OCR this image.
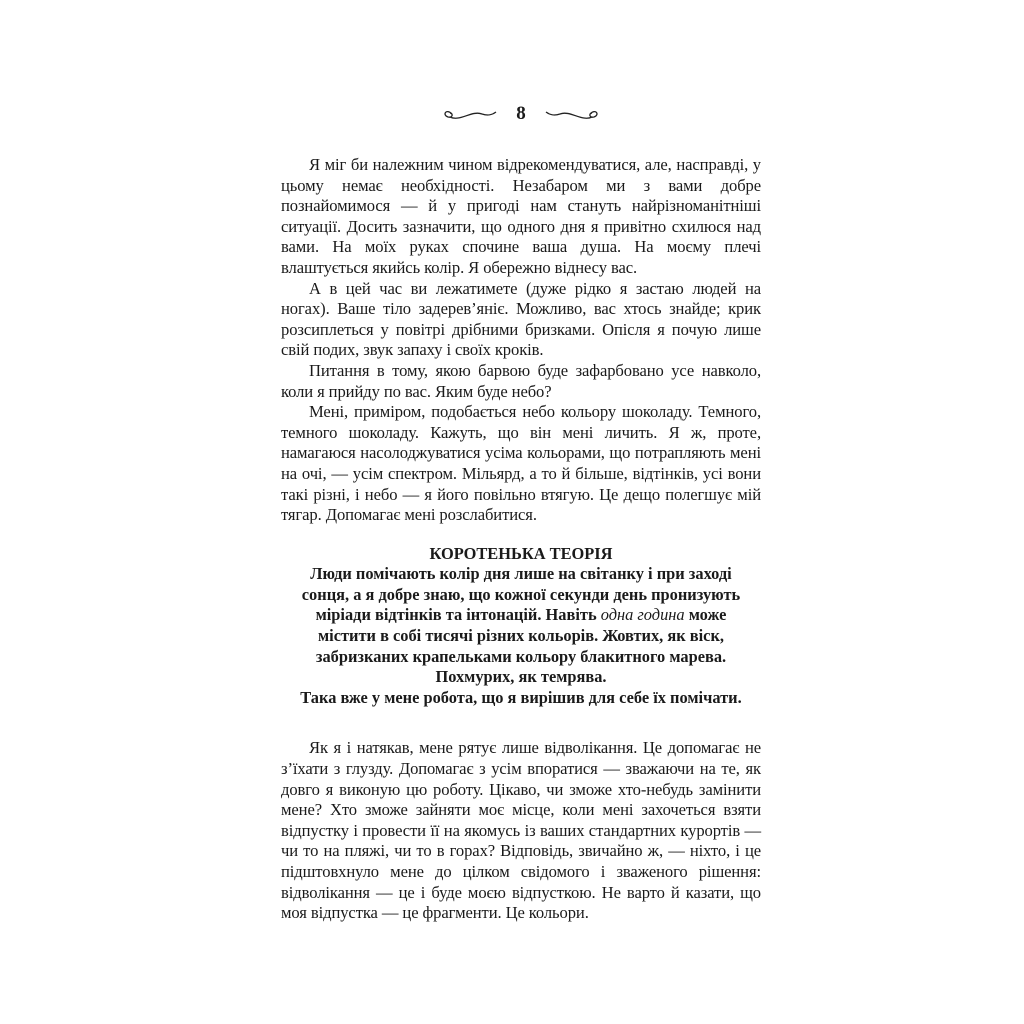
8

Я міг би належним чином відрекомендуватися, але, насправді, у цьому немає необхідності. Незабаром ми з вами добре познайомимося — й у пригоді нам стануть найрізноманітніші ситуації. Досить зазначити, що одного дня я привітно схилюся над вами. На моїх руках спочине ваша душа. На моєму плечі влаштується якийсь колір. Я обережно віднесу вас.

А в цей час ви лежатимете (дуже рідко я застаю людей на ногах). Ваше тіло задерев’яніє. Можливо, вас хтось знайде; крик розсиплеться у повітрі дрібними бризками. Опісля я почую лише свій подих, звук запаху і своїх кроків.

Питання в тому, якою барвою буде зафарбовано усе навколо, коли я прийду по вас. Яким буде небо?

Мені, приміром, подобається небо кольору шоколаду. Темного, темного шоколаду. Кажуть, що він мені личить. Я ж, проте, намагаюся насолоджуватися усіма кольорами, що потрапляють мені на очі, — усім спектром. Мільярд, а то й більше, відтінків, усі вони такі різні, і небо — я його повільно втягую. Це дещо полегшує мій тягар. Допомагає мені розслабитися.

КОРОТЕНЬКА ТЕОРІЯ
Люди помічають колір дня лише на світанку і при заході
сонця, а я добре знаю, що кожної секунди день пронизують
міріади відтінків та інтонацій. Навіть одна година може
містити в собі тисячі різних кольорів. Жовтих, як віск,
забризканих крапельками кольору блакитного марева.
Похмурих, як темрява.
Така вже у мене робота, що я вирішив для себе їх помічати.

Як я і натякав, мене рятує лише відволікання. Це допомагає не з’їхати з глузду. Допомагає з усім впоратися — зважаючи на те, як довго я виконую цю роботу. Цікаво, чи зможе хто-небудь замінити мене? Хто зможе зайняти моє місце, коли мені захочеться взяти відпустку і провести її на якомусь із ваших стандартних курортів — чи то на пляжі, чи то в горах? Відповідь, звичайно ж, — ніхто, і це підштовхнуло мене до цілком свідомого і зваженого рішення: відволікання — це і буде моєю відпусткою. Не варто й казати, що моя відпустка — це фрагменти. Це кольори.
